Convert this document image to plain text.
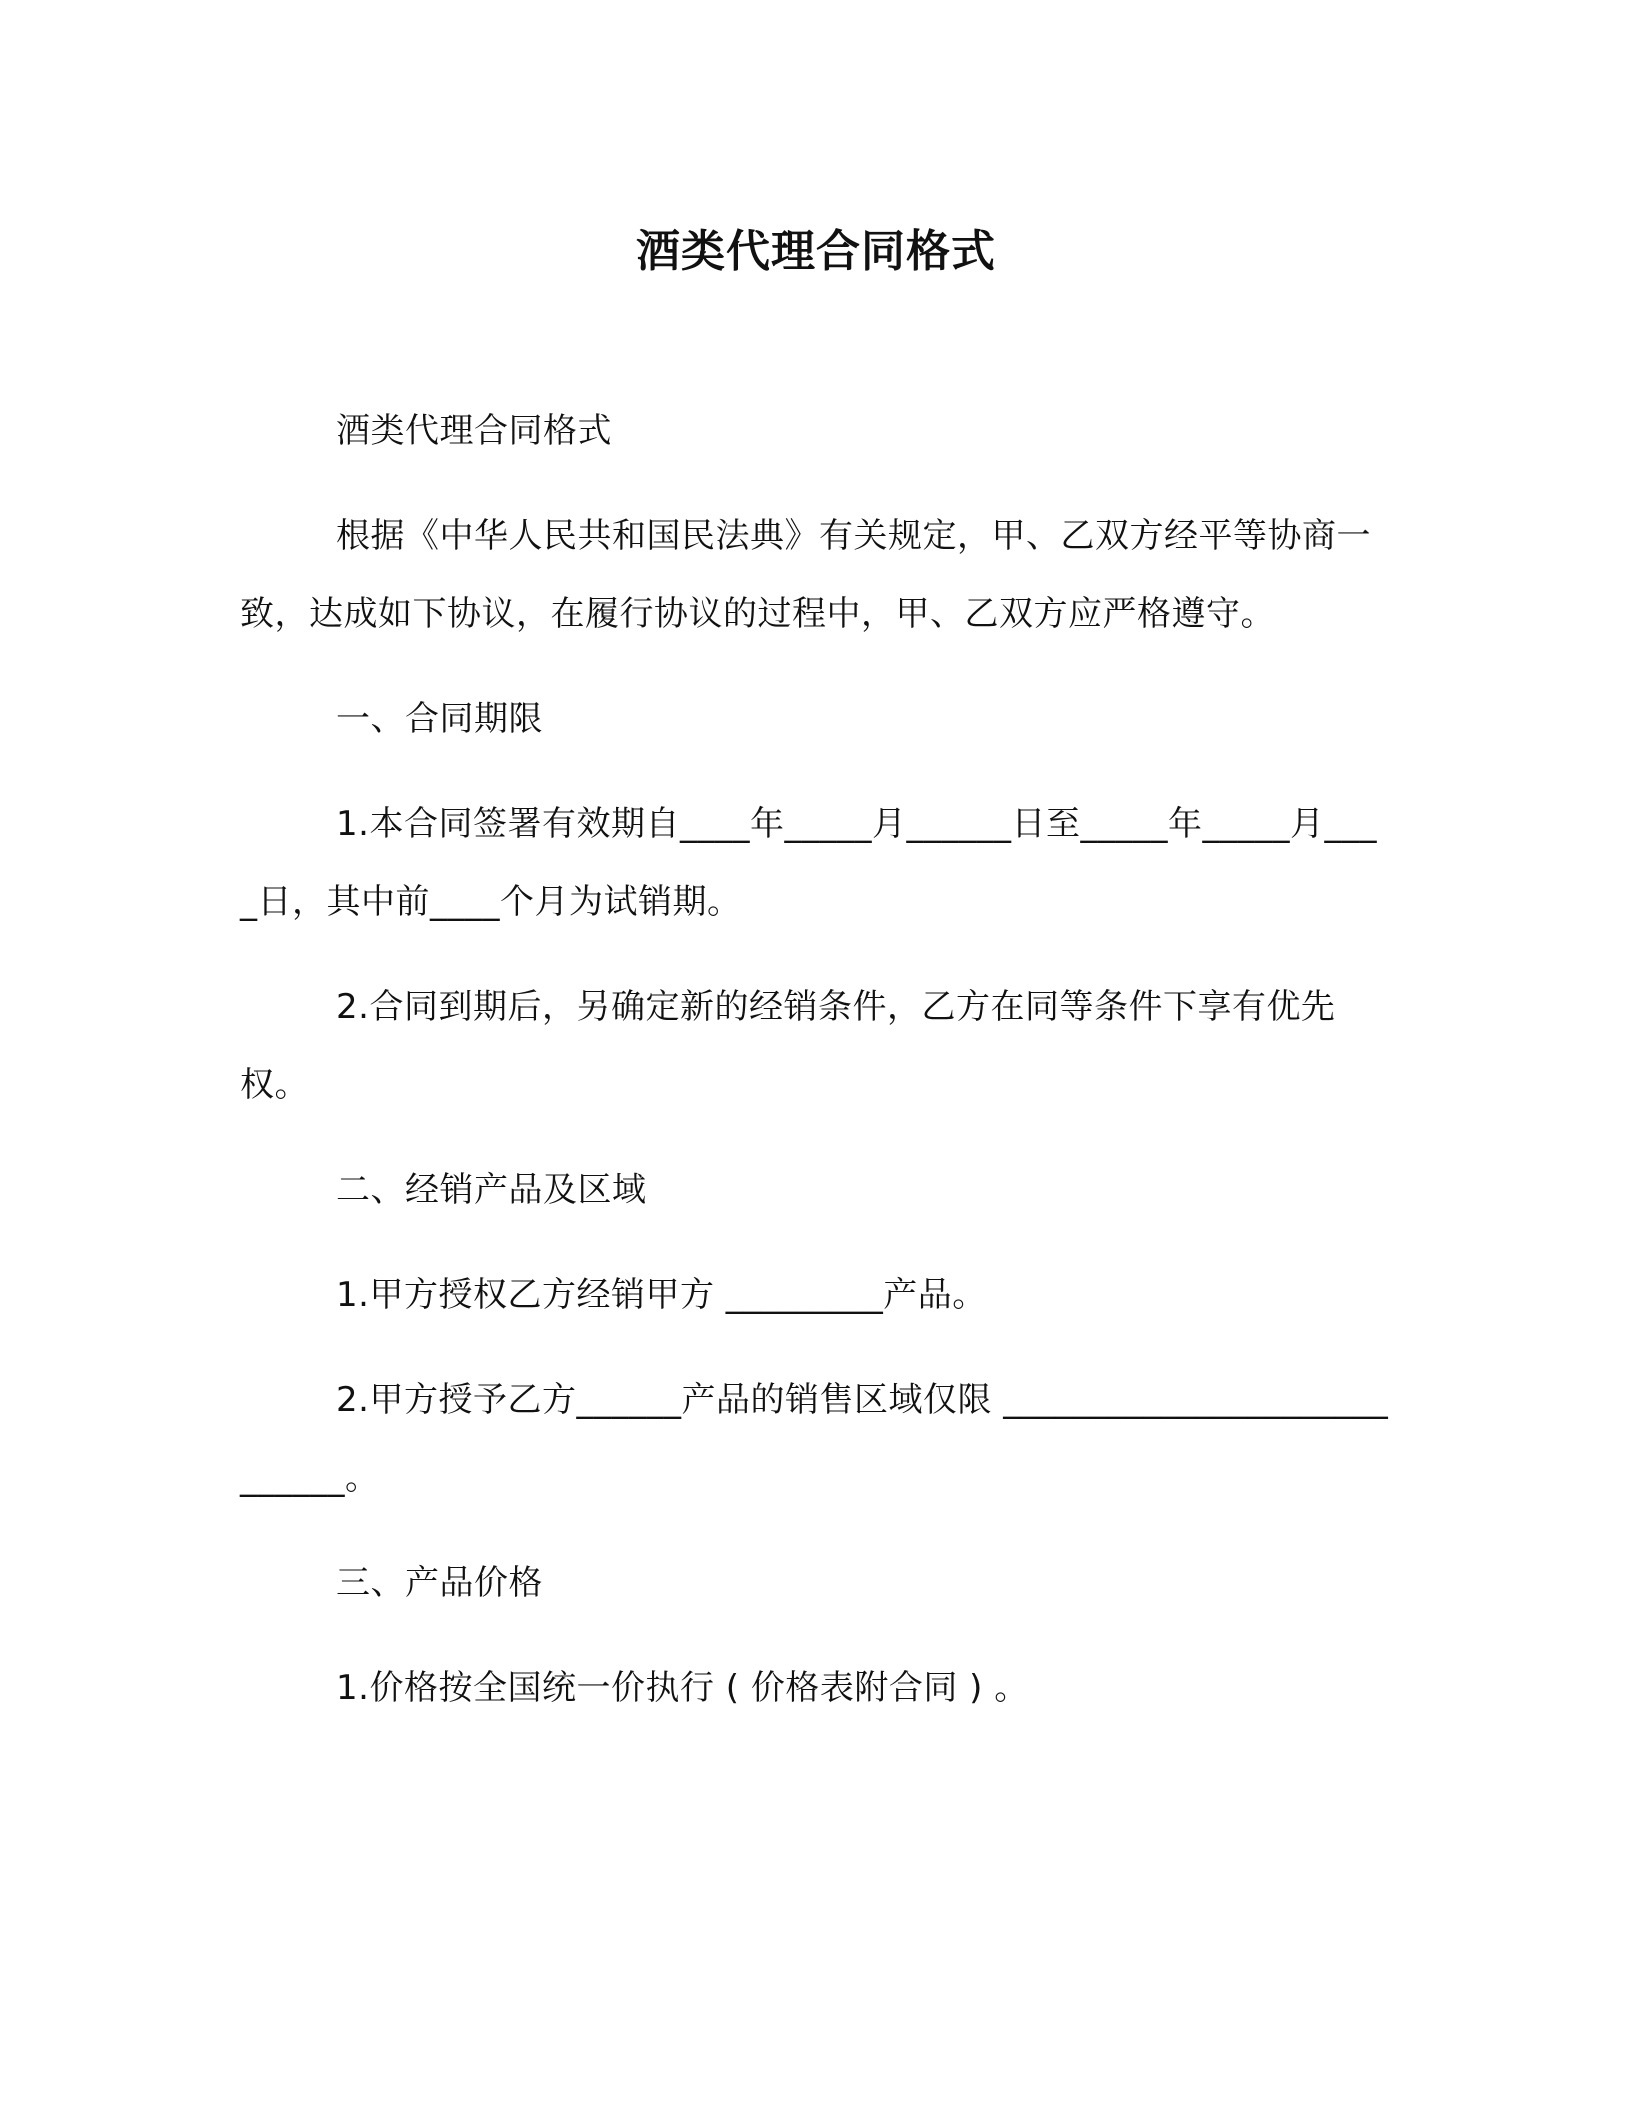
酒类代理合同格式

酒类代理合同格式

根据《中华人民共和国民法典》有关规定，甲、乙双方经平等协商一致，达成如下协议，在履行协议的过程中，甲、乙双方应严格遵守。

一、合同期限

1.本合同签署有效期自____年_____月______日至_____年_____月____日，其中前____个月为试销期。

2.合同到期后，另确定新的经销条件，乙方在同等条件下享有优先权。

二、经销产品及区域

1.甲方授权乙方经销甲方 _________产品。

2.甲方授予乙方______产品的销售区域仅限 ____________________________。

三、产品价格

1.价格按全国统一价执行 ( 价格表附合同 ) 。
